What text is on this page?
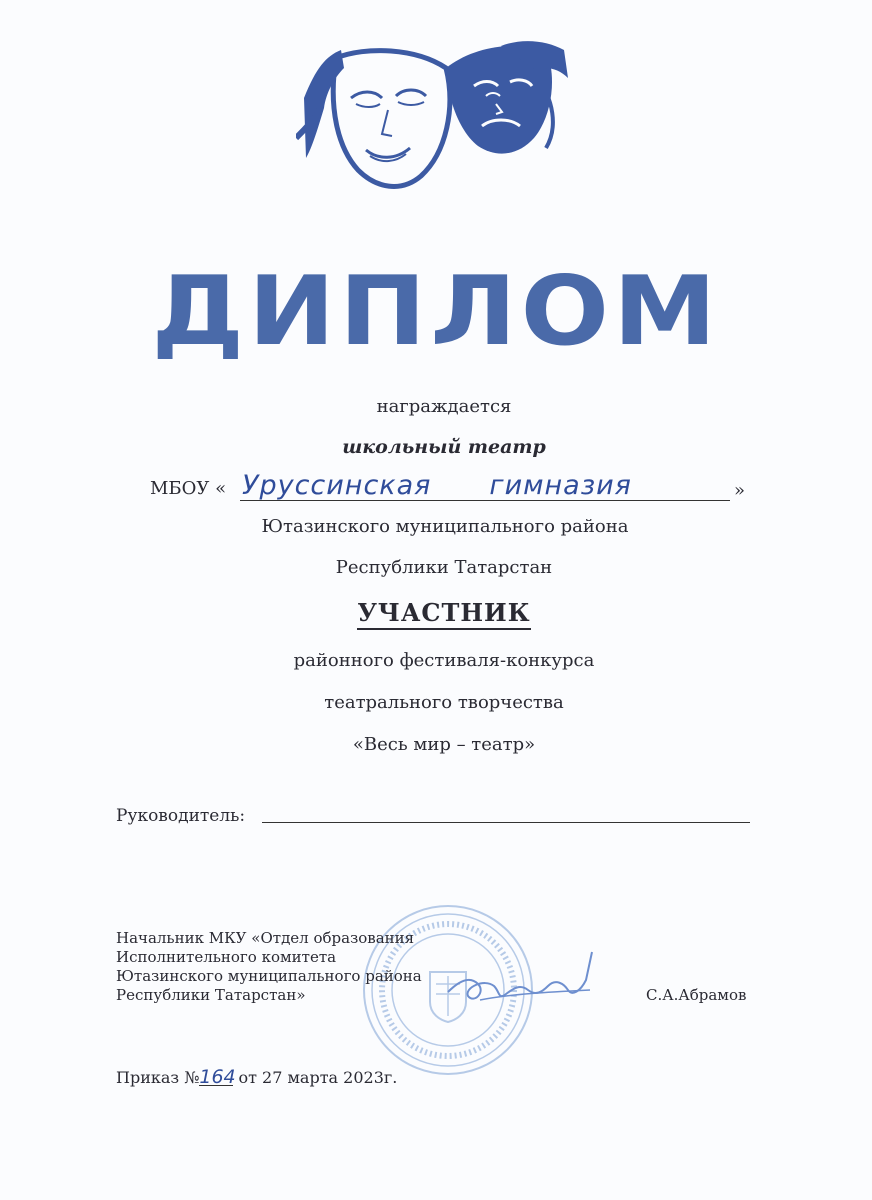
ДИПЛОМ
награждается
школьный театр
МБОУ « Уруссинская гимназия	»
Ютазинского муниципального района
Республики Татарстан
УЧАСТНИК
районного фестиваля-конкурса
театрального творчества
«Весь мир – театр»
Руководитель:
Начальник МКУ «Отдел образования
Исполнительного комитета
Ютазинского муниципального района
Республики Татарстан»	С.А.Абрамов
Приказ №164 от 27 марта 2023г.
